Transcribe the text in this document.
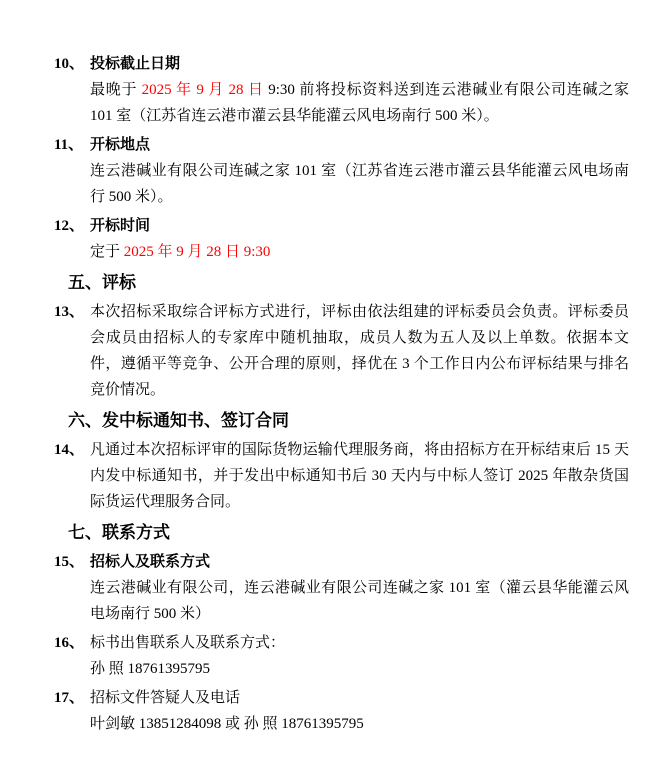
10、 投标截止日期
最晚于 2025 年 9 月 28 日 9:30 前将投标资料送到连云港碱业有限公司连碱之家 101 室（江苏省连云港市灌云县华能灌云风电场南行 500 米）。
11、 开标地点
连云港碱业有限公司连碱之家 101 室（江苏省连云港市灌云县华能灌云风电场南行 500 米）。
12、 开标时间
定于 2025 年 9 月 28 日 9:30
五、评标
13、 本次招标采取综合评标方式进行，评标由依法组建的评标委员会负责。评标委员会成员由招标人的专家库中随机抽取，成员人数为五人及以上单数。依据本文件，遵循平等竞争、公开合理的原则，择优在 3 个工作日内公布评标结果与排名竞价情况。
六、发中标通知书、签订合同
14、 凡通过本次招标评审的国际货物运输代理服务商，将由招标方在开标结束后 15 天内发中标通知书，并于发出中标通知书后 30 天内与中标人签订 2025 年散杂货国际货运代理服务合同。
七、联系方式
15、 招标人及联系方式
连云港碱业有限公司，连云港碱业有限公司连碱之家 101 室（灌云县华能灌云风电场南行 500 米）
16、 标书出售联系人及联系方式：
孙 照 18761395795
17、 招标文件答疑人及电话
叶剑敏 13851284098 或 孙 照 18761395795
